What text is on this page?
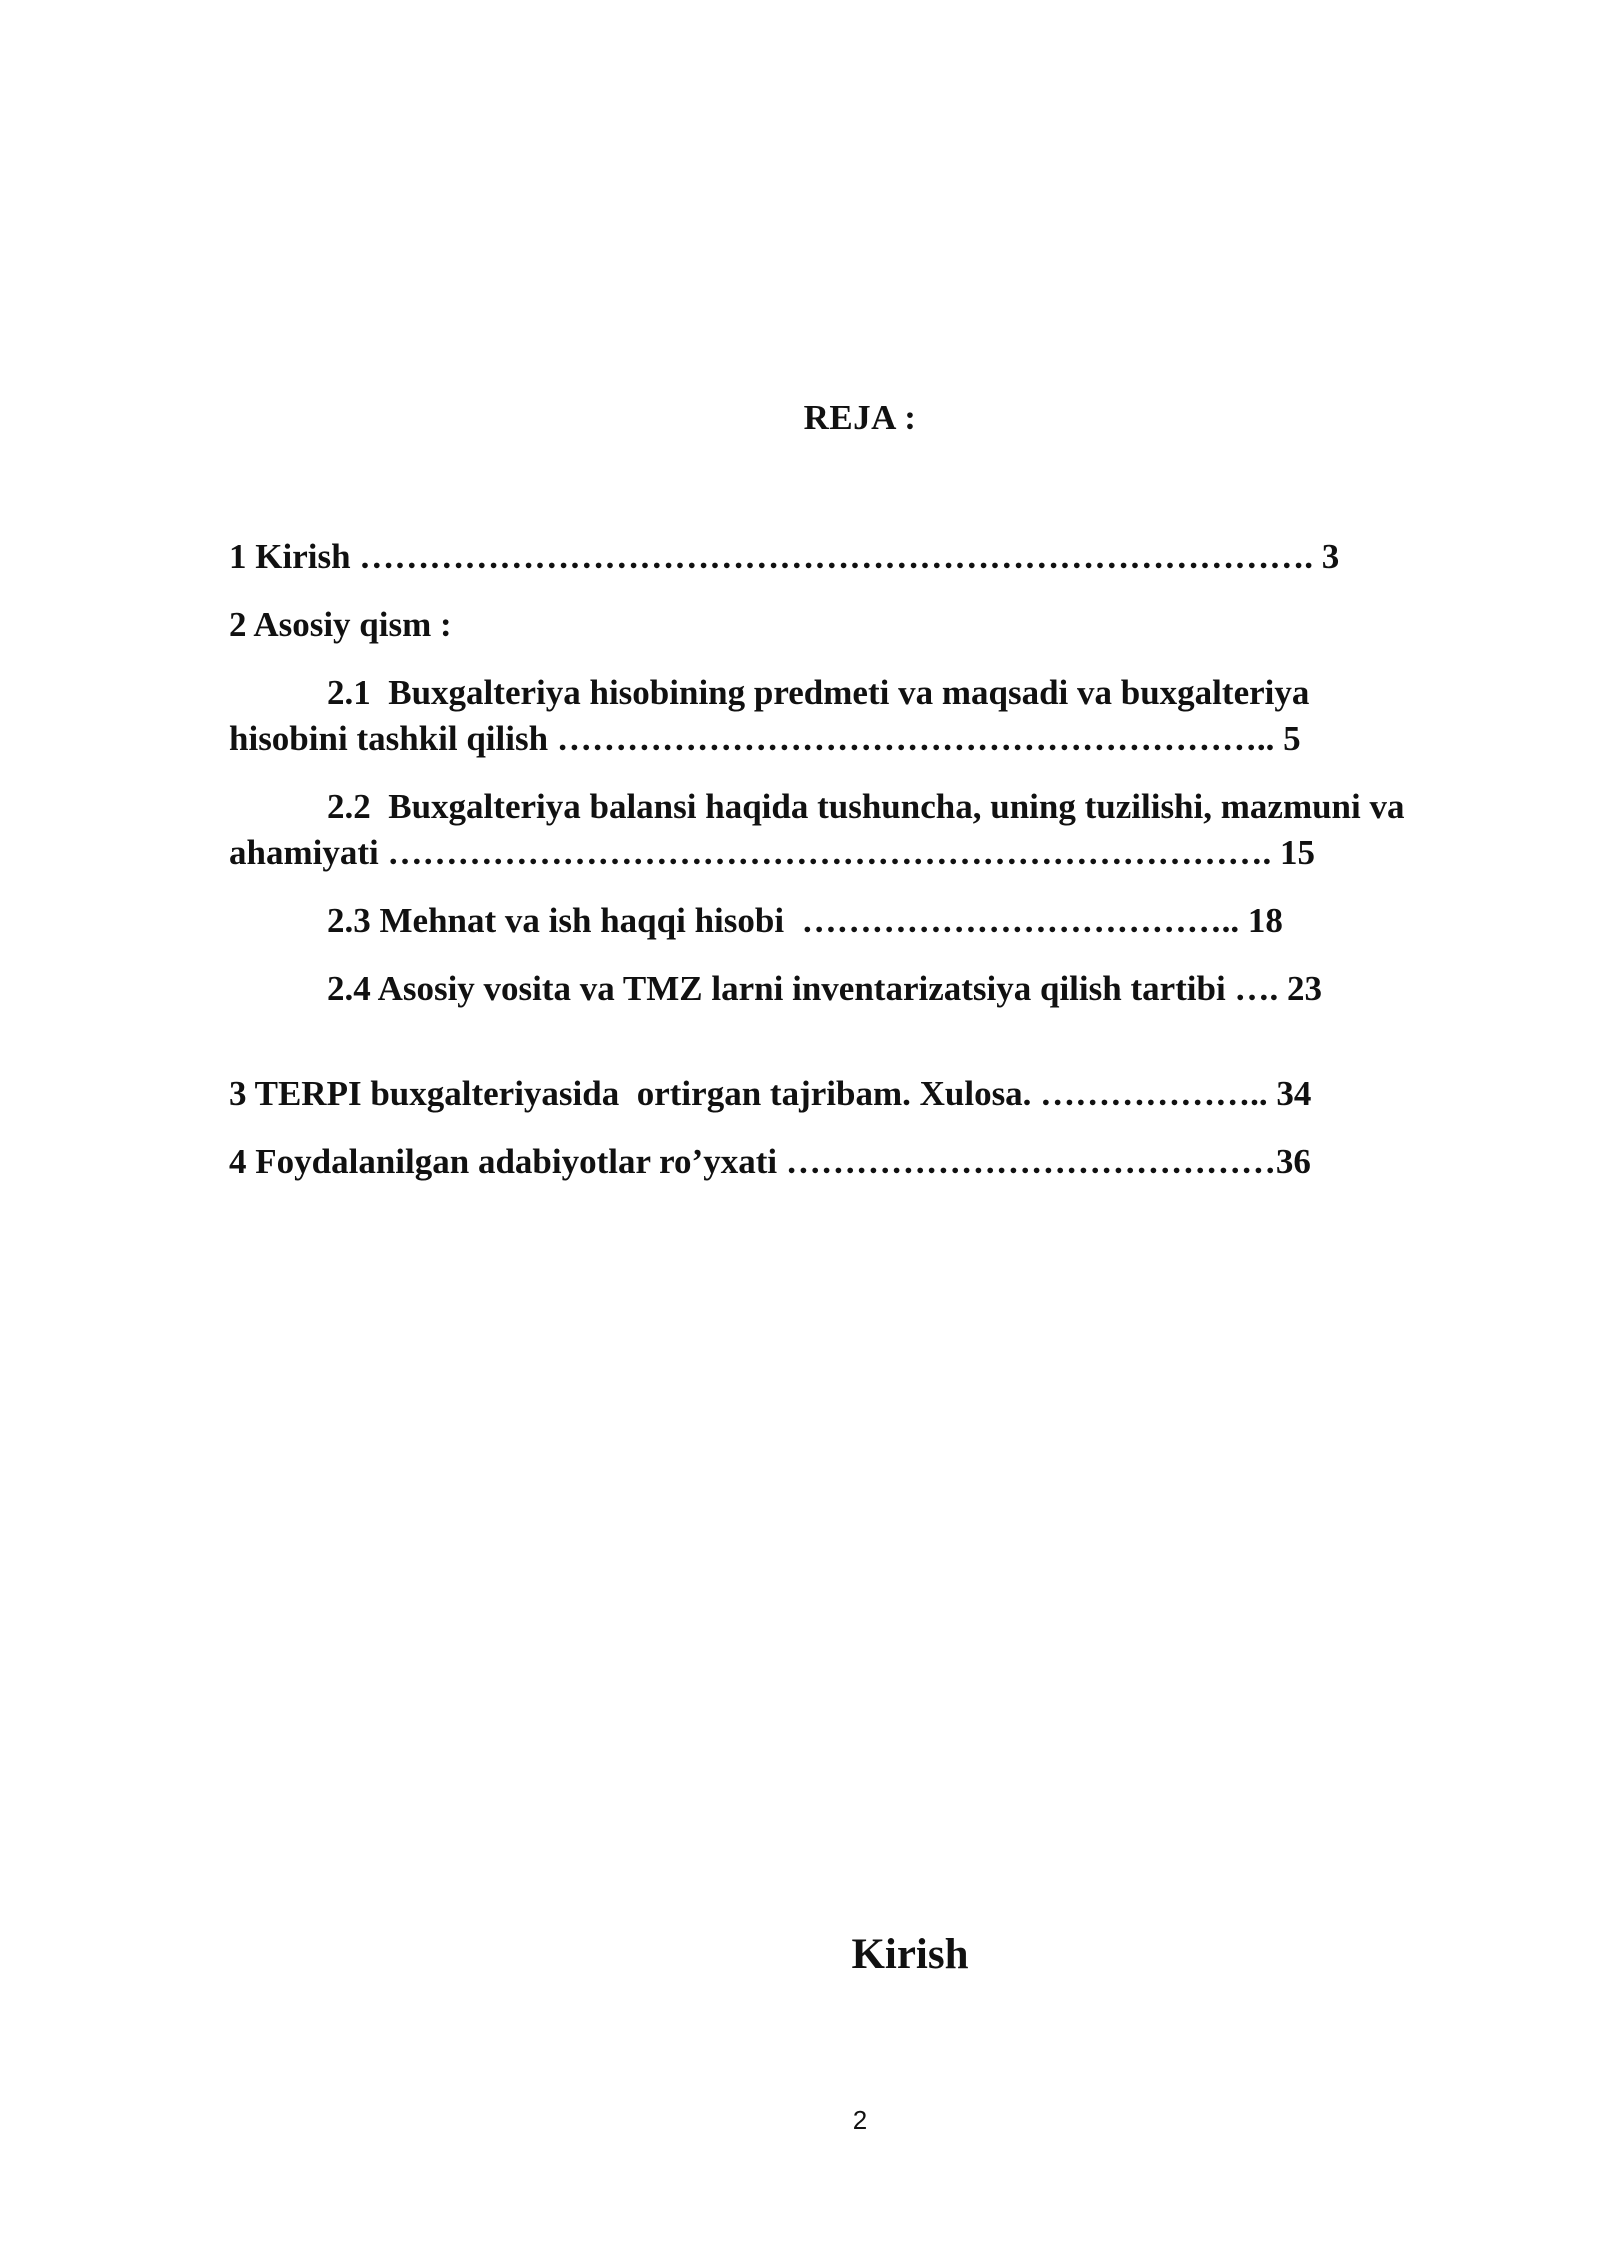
REJA :
1 Kirish ………………………………………………………………………. 3
2 Asosiy qism :
2.1  Buxgalteriya hisobining predmeti va maqsadi va buxgalteriya
hisobini tashkil qilish …………………………………………………….. 5
2.2  Buxgalteriya balansi haqida tushuncha, uning tuzilishi, mazmuni va
ahamiyati …………………………………………………………………. 15
2.3 Mehnat va ish haqqi hisobi  ……………………………….. 18
2.4 Asosiy vosita va TMZ larni inventarizatsiya qilish tartibi …. 23
3 TERPI buxgalteriyasida  ortirgan tajribam. Xulosa. ……………….. 34
4 Foydalanilgan adabiyotlar ro’yxati ……………………………………36
Kirish
2
